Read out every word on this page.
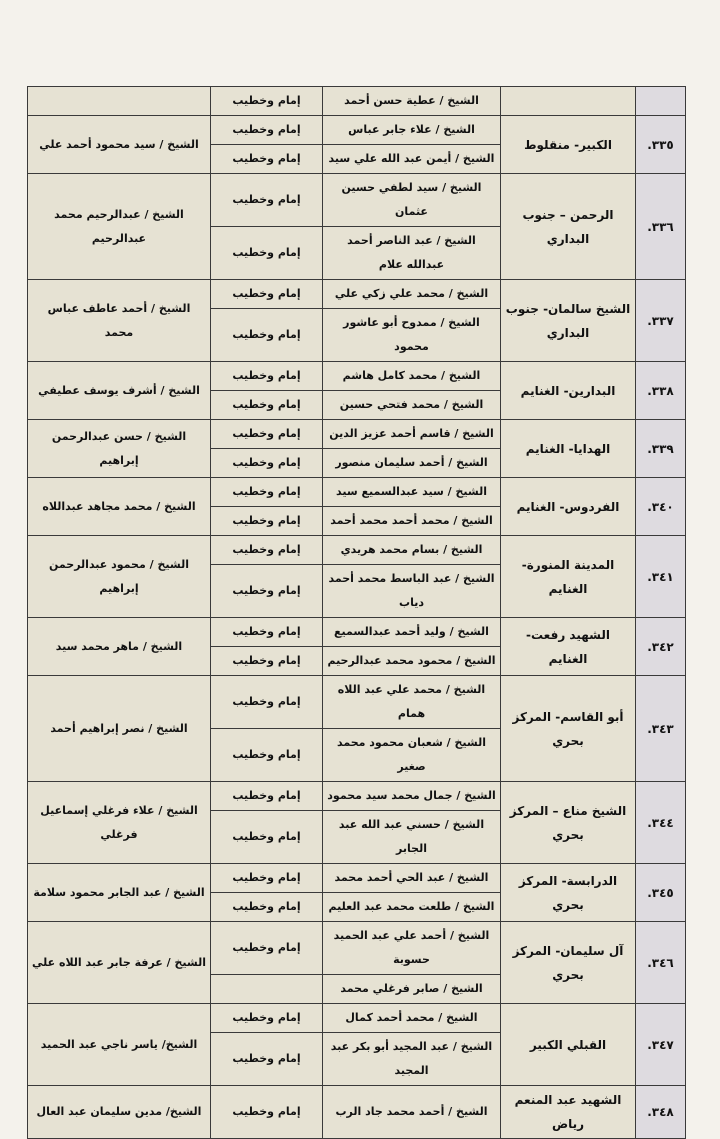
		الشيخ / عطية حسن أحمد	إمام وخطيب	
٣٣٥.	الكبير- منقلوط	الشيخ / علاء جابر عباس	إمام وخطيب	الشيخ / سيد محمود أحمد علي
		الشيخ / أيمن عبد الله علي سيد	إمام وخطيب	
٣٣٦.	الرحمن – جنوب البداري	الشيخ / سيد لطفي حسين عثمان	إمام وخطيب	الشيخ / عبدالرحيم محمد عبدالرحيم
		الشيخ / عبد الناصر أحمد عبدالله علام	إمام وخطيب	
٣٣٧.	الشيخ سالمان- جنوب البداري	الشيخ / محمد علي زكي علي	إمام وخطيب	الشيخ / أحمد عاطف عباس محمد
		الشيخ / ممدوح أبو عاشور محمود	إمام وخطيب	
٣٣٨.	البدارين- الغنايم	الشيخ / محمد كامل هاشم	إمام وخطيب	الشيخ / أشرف يوسف عطيفي
		الشيخ / محمد فتحي حسين	إمام وخطيب	
٣٣٩.	الهدايا- الغنايم	الشيخ / قاسم أحمد عزيز الدين	إمام وخطيب	الشيخ / حسن عبدالرحمن إبراهيم
		الشيخ / أحمد سليمان منصور	إمام وخطيب	
٣٤٠.	الفردوس- الغنايم	الشيخ / سيد عبدالسميع سيد	إمام وخطيب	الشيخ / محمد مجاهد عبداللاه
		الشيخ / محمد أحمد محمد أحمد	إمام وخطيب	
٣٤١.	المدينة المنورة- الغنايم	الشيخ / بسام محمد هريدي	إمام وخطيب	الشيخ / محمود عبدالرحمن إبراهيم
		الشيخ / عبد الباسط محمد أحمد دياب	إمام وخطيب	
٣٤٢.	الشهيد رفعت- الغنايم	الشيخ / وليد أحمد عبدالسميع	إمام وخطيب	الشيخ / ماهر محمد سيد
		الشيخ / محمود محمد عبدالرحيم	إمام وخطيب	
٣٤٣.	أبو القاسم- المركز بحري	الشيخ / محمد علي عبد اللاه همام	إمام وخطيب	الشيخ / نصر إبراهيم أحمد
		الشيخ / شعبان محمود محمد صغير	إمام وخطيب	
٣٤٤.	الشيخ مناع – المركز بحري	الشيخ / جمال محمد سيد محمود	إمام وخطيب	الشيخ / علاء فرغلي إسماعيل فرغلي
		الشيخ / حسني عبد الله عبد الجابر	إمام وخطيب	
٣٤٥.	الدرابسة- المركز بحري	الشيخ / عبد الحي أحمد محمد	إمام وخطيب	الشيخ / عبد الجابر محمود سلامة
		الشيخ / طلعت محمد عبد العليم	إمام وخطيب	
٣٤٦.	آل سليمان- المركز بحري	الشيخ / أحمد علي عبد الحميد حسوبة	إمام وخطيب	الشيخ / عرفة جابر عبد اللاه علي
		الشيخ / صابر فرغلي محمد		
٣٤٧.	القبلي الكبير	الشيخ / محمد أحمد كمال	إمام وخطيب	الشيخ/ ياسر ناجي عبد الحميد
		الشيخ / عبد المجيد أبو بكر عبد المجيد	إمام وخطيب	
٣٤٨.	الشهيد عبد المنعم رياض	الشيخ / أحمد محمد جاد الرب	إمام وخطيب	الشيخ/ مدين سليمان عبد العال
